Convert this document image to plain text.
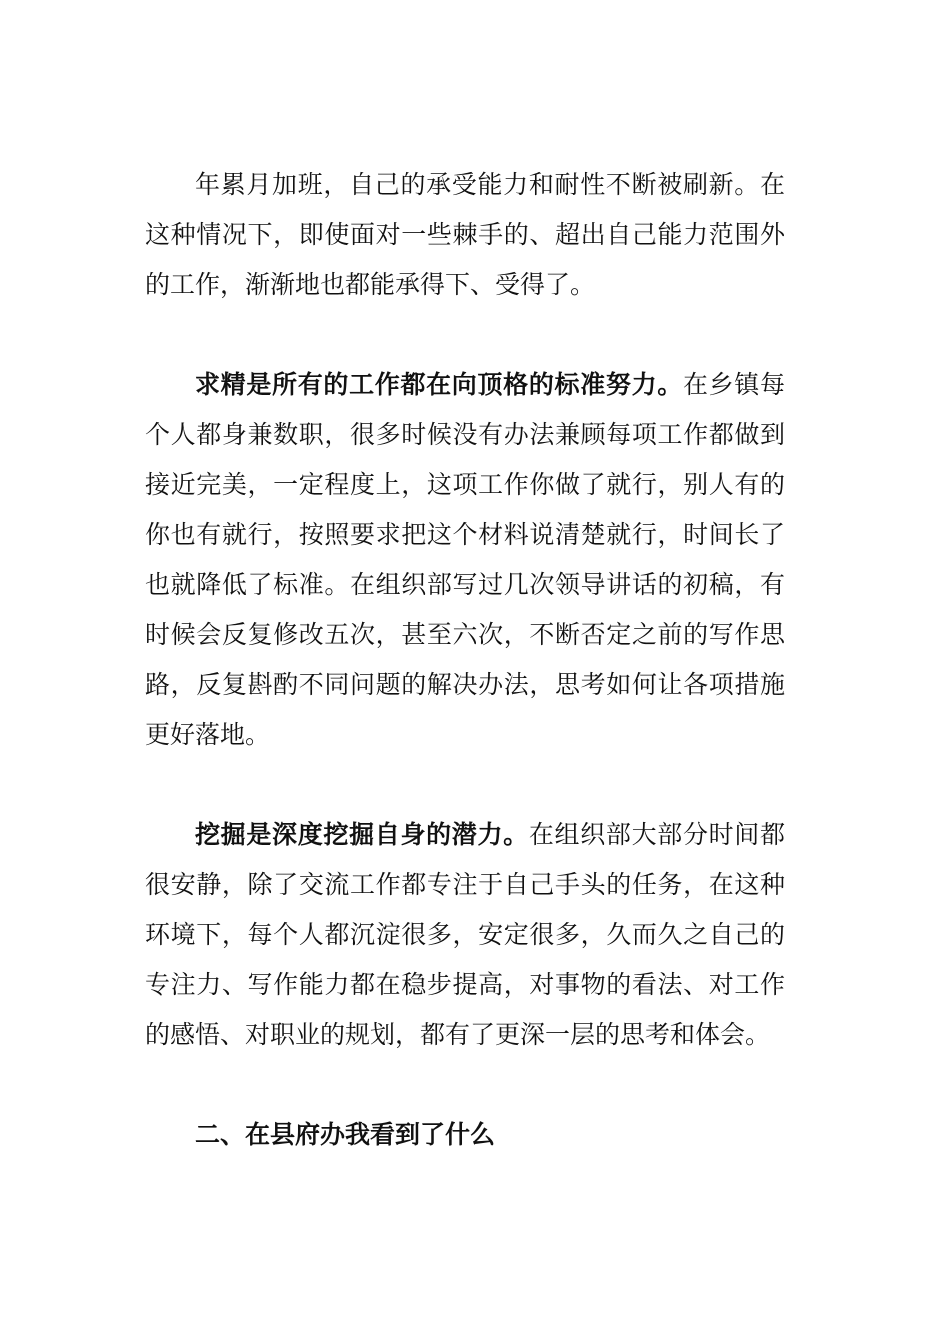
年累月加班，自己的承受能力和耐性不断被刷新。在这种情况下，即使面对一些棘手的、超出自己能力范围外的工作，渐渐地也都能承得下、受得了。

求精是所有的工作都在向顶格的标准努力。在乡镇每个人都身兼数职，很多时候没有办法兼顾每项工作都做到接近完美，一定程度上，这项工作你做了就行，别人有的你也有就行，按照要求把这个材料说清楚就行，时间长了也就降低了标准。在组织部写过几次领导讲话的初稿，有时候会反复修改五次，甚至六次，不断否定之前的写作思路，反复斟酌不同问题的解决办法，思考如何让各项措施更好落地。

挖掘是深度挖掘自身的潜力。在组织部大部分时间都很安静，除了交流工作都专注于自己手头的任务，在这种环境下，每个人都沉淀很多，安定很多，久而久之自己的专注力、写作能力都在稳步提高，对事物的看法、对工作的感悟、对职业的规划，都有了更深一层的思考和体会。

二、在县府办我看到了什么
